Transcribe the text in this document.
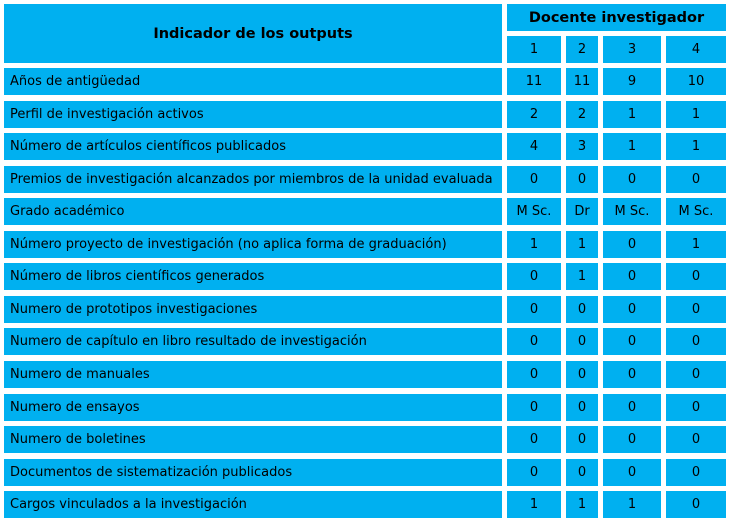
Indicador de los outputs
Docente investigador
1	2	3	4
Años de antigüedad	11	11	9	10
Perfil de investigación activos	2	2	1	1
Número de artículos científicos publicados	4	3	1	1
Premios de investigación alcanzados por miembros de la unidad evaluada	0	0	0	0
Grado académico	M Sc.	Dr	M Sc.	M Sc.
Número proyecto de investigación (no aplica forma de graduación)	1	1	0	1
Número de libros científicos generados	0	1	0	0
Numero de prototipos investigaciones	0	0	0	0
Numero de capítulo en libro resultado de investigación	0	0	0	0
Numero de manuales	0	0	0	0
Numero de ensayos	0	0	0	0
Numero de boletines	0	0	0	0
Documentos de sistematización publicados	0	0	0	0
Cargos vinculados a la investigación	1	1	1	0
